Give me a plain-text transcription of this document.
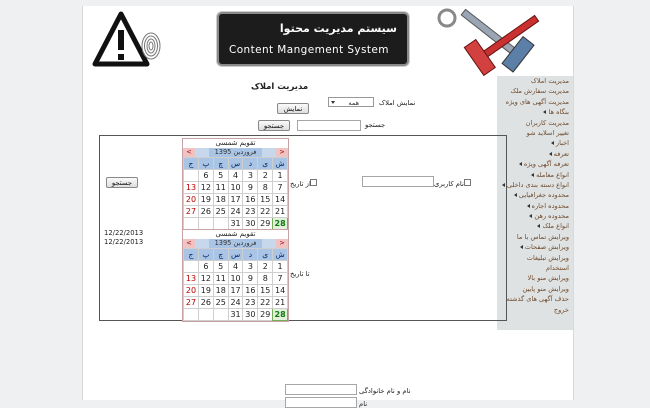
سیستم مدیریت محتوا
Content Mangement System
مدیریت املاک
مدیریت سفارش ملک
مدیریت آگهی های ویژه
بنگاه ها
مدیریت کاربران
تغییر اسلاید شو
اخبار
تعرفه
تعرفه آگهی ویژه
انواع معامله
انواع دسته بندی داخلی
محدوده جغرافیایی
محدوده اجاره
محدوده رهن
انواع ملک
ویرایش تماس با ما
ویرایش صفحات
ویرایش تبلیغات
استخدام
ویرایش منو بالا
ویرایش منو پایین
حذف آگهی های گذشته
خروج
مدیریت املاک
نمایش املاک
همه
نمایش
جستجو
جستجو
نام کاربری
از تاریخ
تا تاریخ
جستجو
12/22/2013
12/22/2013
تقویم شمسی
<	1395 فروردین	>
ش	ی	د	س	چ	پ	ج
1	2	3	4	5	6	
7	8	9	10	11	12	13
14	15	16	17	18	19	20
21	22	23	24	25	26	27
28	29	30	31			
تقویم شمسی
<	1395 فروردین	>
ش	ی	د	س	چ	پ	ج
1	2	3	4	5	6	
7	8	9	10	11	12	13
14	15	16	17	18	19	20
21	22	23	24	25	26	27
28	29	30	31			
نام و نام خانوادگی
نام
